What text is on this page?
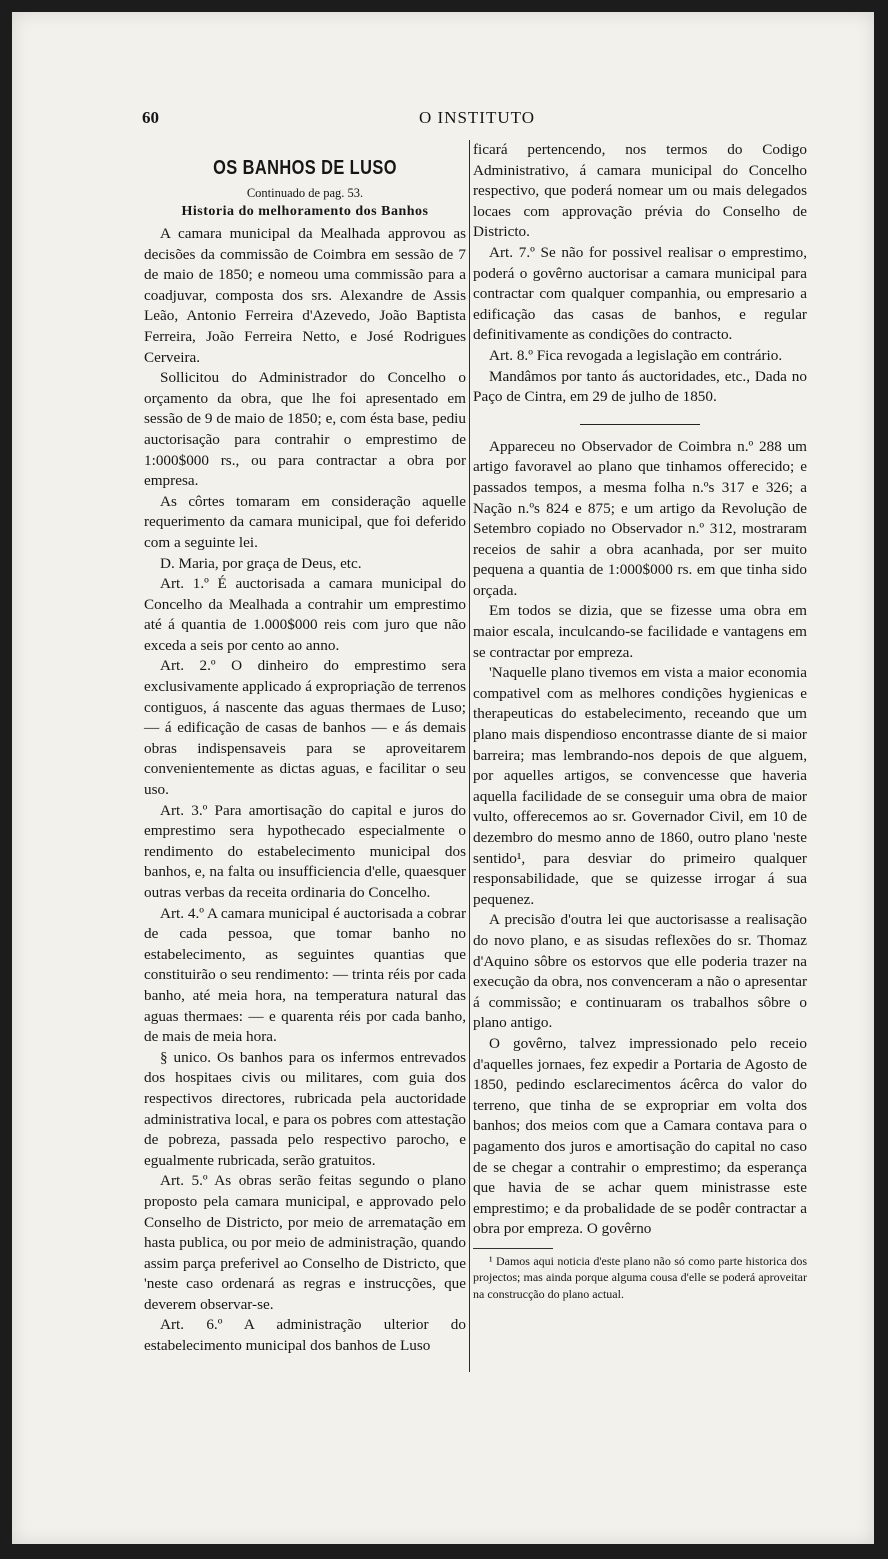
60	O INSTITUTO
OS BANHOS DE LUSO
Continuado de pag. 53.
Historia do melhoramento dos Banhos

A camara municipal da Mealhada approvou as decisões da commissão de Coimbra em sessão de 7 de maio de 1850; e nomeou uma commissão para a coadjuvar, composta dos srs. Alexandre de Assis Leão, Antonio Ferreira d'Azevedo, João Baptista Ferreira, João Ferreira Netto, e José Rodrigues Cerveira.

Sollicitou do Administrador do Concelho o orçamento da obra, que lhe foi apresentado em sessão de 9 de maio de 1850; e, com ésta base, pediu auctorisação para contrahir o emprestimo de 1:000$000 rs., ou para contractar a obra por empresa.

As côrtes tomaram em consideração aquelle requerimento da camara municipal, que foi deferido com a seguinte lei.

D. Maria, por graça de Deus, etc.

Art. 1.º É auctorisada a camara municipal do Concelho da Mealhada a contrahir um emprestimo até á quantia de 1.000$000 reis com juro que não exceda a seis por cento ao anno.

Art. 2.º O dinheiro do emprestimo sera exclusivamente applicado á expropriação de terrenos contiguos, á nascente das aguas thermaes de Luso; — á edificação de casas de banhos — e ás demais obras indispensaveis para se aproveitarem convenientemente as dictas aguas, e facilitar o seu uso.

Art. 3.º Para amortisação do capital e juros do emprestimo sera hypothecado especialmente o rendimento do estabelecimento municipal dos banhos, e, na falta ou insufficiencia d'elle, quaesquer outras verbas da receita ordinaria do Concelho.

Art. 4.º A camara municipal é auctorisada a cobrar de cada pessoa, que tomar banho no estabelecimento, as seguintes quantias que constituirão o seu rendimento: — trinta réis por cada banho, até meia hora, na temperatura natural das aguas thermaes: — e quarenta réis por cada banho, de mais de meia hora.

§ unico. Os banhos para os infermos entrevados dos hospitaes civis ou militares, com guia dos respectivos directores, rubricada pela auctoridade administrativa local, e para os pobres com attestação de pobreza, passada pelo respectivo parocho, e egualmente rubricada, serão gratuitos.

Art. 5.º As obras serão feitas segundo o plano proposto pela camara municipal, e approvado pelo Conselho de Districto, por meio de arrematação em hasta publica, ou por meio de administração, quando assim parça preferivel ao Conselho de Districto, que 'neste caso ordenará as regras e instrucções, que deverem observar-se.

Art. 6.º A administração ulterior do estabelecimento municipal dos banhos de Luso

ficará pertencendo, nos termos do Codigo Administrativo, á camara municipal do Concelho respectivo, que poderá nomear um ou mais delegados locaes com approvação prévia do Conselho de Districto.

Art. 7.º Se não for possivel realisar o emprestimo, poderá o govêrno auctorisar a camara municipal para contractar com qualquer companhia, ou empresario a edificação das casas de banhos, e regular definitivamente as condições do contracto.

Art. 8.º Fica revogada a legislação em contrário.

Mandâmos por tanto ás auctoridades, etc., Dada no Paço de Cintra, em 29 de julho de 1850.

Appareceu no Observador de Coimbra n.º 288 um artigo favoravel ao plano que tinhamos offerecido; e passados tempos, a mesma folha n.ºs 317 e 326; a Nação n.ºs 824 e 875; e um artigo da Revolução de Setembro copiado no Observador n.º 312, mostraram receios de sahir a obra acanhada, por ser muito pequena a quantia de 1:000$000 rs. em que tinha sido orçada.

Em todos se dizia, que se fizesse uma obra em maior escala, inculcando-se facilidade e vantagens em se contractar por empreza.

'Naquelle plano tivemos em vista a maior economia compativel com as melhores condições hygienicas e therapeuticas do estabelecimento, receando que um plano mais dispendioso encontrasse diante de si maior barreira; mas lembrando-nos depois de que alguem, por aquelles artigos, se convencesse que haveria aquella facilidade de se conseguir uma obra de maior vulto, offerecemos ao sr. Governador Civil, em 10 de dezembro do mesmo anno de 1860, outro plano 'neste sentido¹, para desviar do primeiro qualquer responsabilidade, que se quizesse irrogar á sua pequenez.

A precisão d'outra lei que auctorisasse a realisação do novo plano, e as sisudas reflexões do sr. Thomaz d'Aquino sôbre os estorvos que elle poderia trazer na execução da obra, nos convenceram a não o apresentar á commissão; e continuaram os trabalhos sôbre o plano antigo.

O govêrno, talvez impressionado pelo receio d'aquelles jornaes, fez expedir a Portaria de Agosto de 1850, pedindo esclarecimentos ácêrca do valor do terreno, que tinha de se expropriar em volta dos banhos; dos meios com que a Camara contava para o pagamento dos juros e amortisação do capital no caso de se chegar a contrahir o emprestimo; da esperança que havia de se achar quem ministrasse este emprestimo; e da probalidade de se podêr contractar a obra por empreza. O govêrno

¹ Damos aqui noticia d'este plano não só como parte historica dos projectos; mas ainda porque alguma cousa d'elle se poderá aproveitar na construcção do plano actual.
